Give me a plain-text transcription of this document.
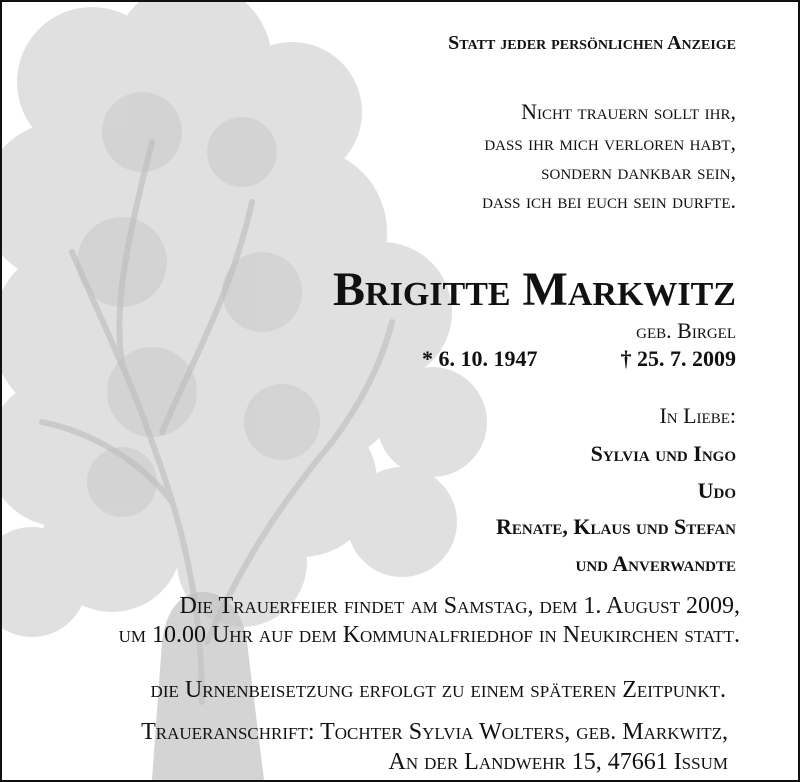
Statt jeder persönlichen Anzeige
Nicht trauern sollt ihr,
dass ihr mich verloren habt,
sondern dankbar sein,
dass ich bei euch sein durfte.
Brigitte Markwitz
geb. Birgel
* 6. 10. 1947	† 25. 7. 2009
In Liebe:
Sylvia und Ingo
Udo
Renate, Klaus und Stefan
und Anverwandte
Die Trauerfeier findet am Samstag, dem 1. August 2009,
um 10.00 Uhr auf dem Kommunalfriedhof in Neukirchen statt.
die Urnenbeisetzung erfolgt zu einem späteren Zeitpunkt.
Traueranschrift: Tochter Sylvia Wolters, geb. Markwitz,
An der Landwehr 15, 47661 Issum
